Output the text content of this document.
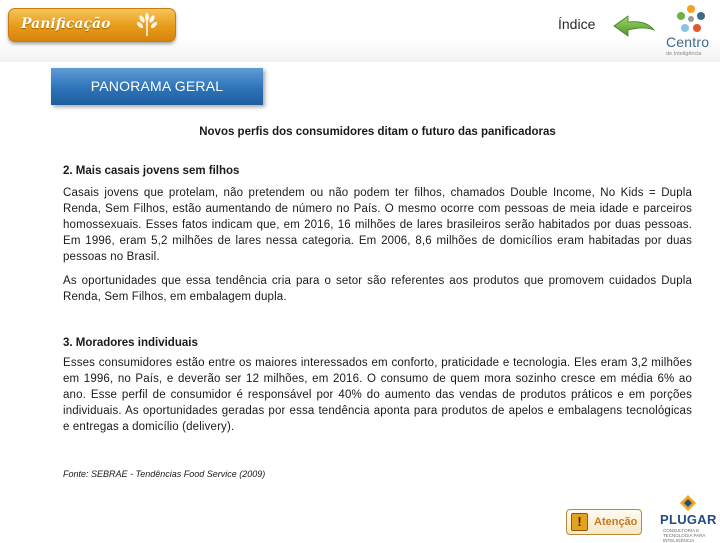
Panificação	Índice
Centro
de Inteligência
PANORAMA GERAL

Novos perfis dos consumidores ditam o futuro das panificadoras

2. Mais casais jovens sem filhos

Casais jovens que protelam, não pretendem ou não podem ter filhos, chamados Double Income, No Kids = Dupla Renda, Sem Filhos, estão aumentando de número no País. O mesmo ocorre com pessoas de meia idade e parceiros homossexuais. Esses fatos indicam que, em 2016, 16 milhões de lares brasileiros serão habitados por duas pessoas. Em 1996, eram 5,2 milhões de lares nessa categoria. Em 2006, 8,6 milhões de domicílios eram habitadas por duas pessoas no Brasil.

As oportunidades que essa tendência cria para o setor são referentes aos produtos que promovem cuidados Dupla Renda, Sem Filhos, em embalagem dupla.

3. Moradores individuais

Esses consumidores estão entre os maiores interessados em conforto, praticidade e tecnologia. Eles eram 3,2 milhões em 1996, no País, e deverão ser 12 milhões, em 2016. O consumo de quem mora sozinho cresce em média 6% ao ano. Esse perfil de consumidor é responsável por 40% do aumento das vendas de produtos práticos e em porções individuais. As oportunidades geradas por essa tendência aponta para produtos de apelos e embalagens tecnológicas e entregas a domicílio (delivery).

Fonte: SEBRAE - Tendências Food Service (2009)

!	Atenção PLUGAR
CONSULTORIA E TECNOLOGIA PARA INTELIGÊNCIA
